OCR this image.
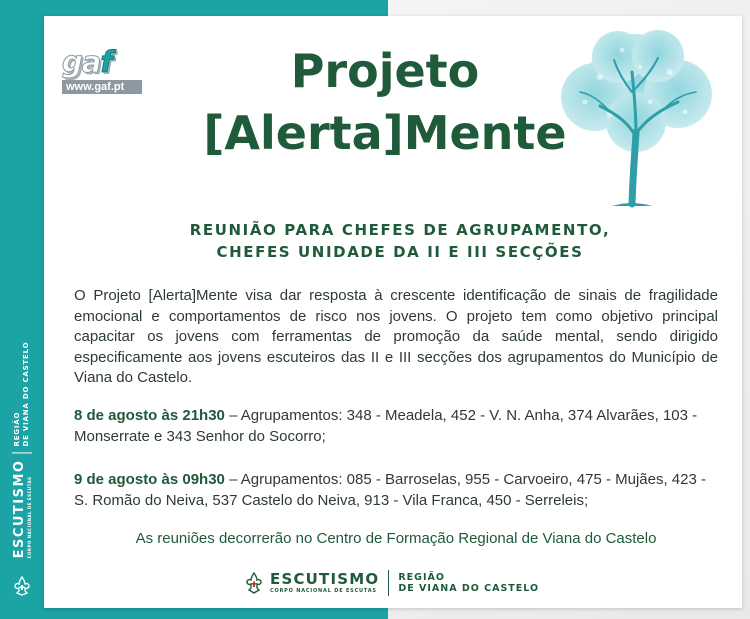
ESCUTISMO CORPO NACIONAL DE ESCUTAS
REGIÃO DE VIANA DO CASTELO
gaf
www.gaf.pt	Projeto
[Alerta]Mente
REUNIÃO PARA CHEFES DE AGRUPAMENTO,
CHEFES UNIDADE DA II E III SECÇÕES

O Projeto [Alerta]Mente visa dar resposta à crescente identificação de sinais de fragilidade emocional e comportamentos de risco nos jovens. O projeto tem como objetivo principal capacitar os jovens com ferramentas de promoção da saúde mental, sendo dirigido especificamente aos jovens escuteiros das II e III secções dos agrupamentos do Município de Viana do Castelo.

8 de agosto às 21h30 – Agrupamentos: 348 - Meadela, 452 - V. N. Anha, 374 Alvarães, 103 - Monserrate e 343 Senhor do Socorro;

9 de agosto às 09h30 – Agrupamentos: 085 - Barroselas, 955 - Carvoeiro, 475 - Mujães, 423 - S. Romão do Neiva, 537 Castelo do Neiva, 913 - Vila Franca, 450 - Serreleis;

As reuniões decorrerão no Centro de Formação Regional de Viana do Castelo

ESCUTISMO
CORPO NACIONAL DE ESCUTAS
REGIÃO
DE VIANA DO CASTELO
